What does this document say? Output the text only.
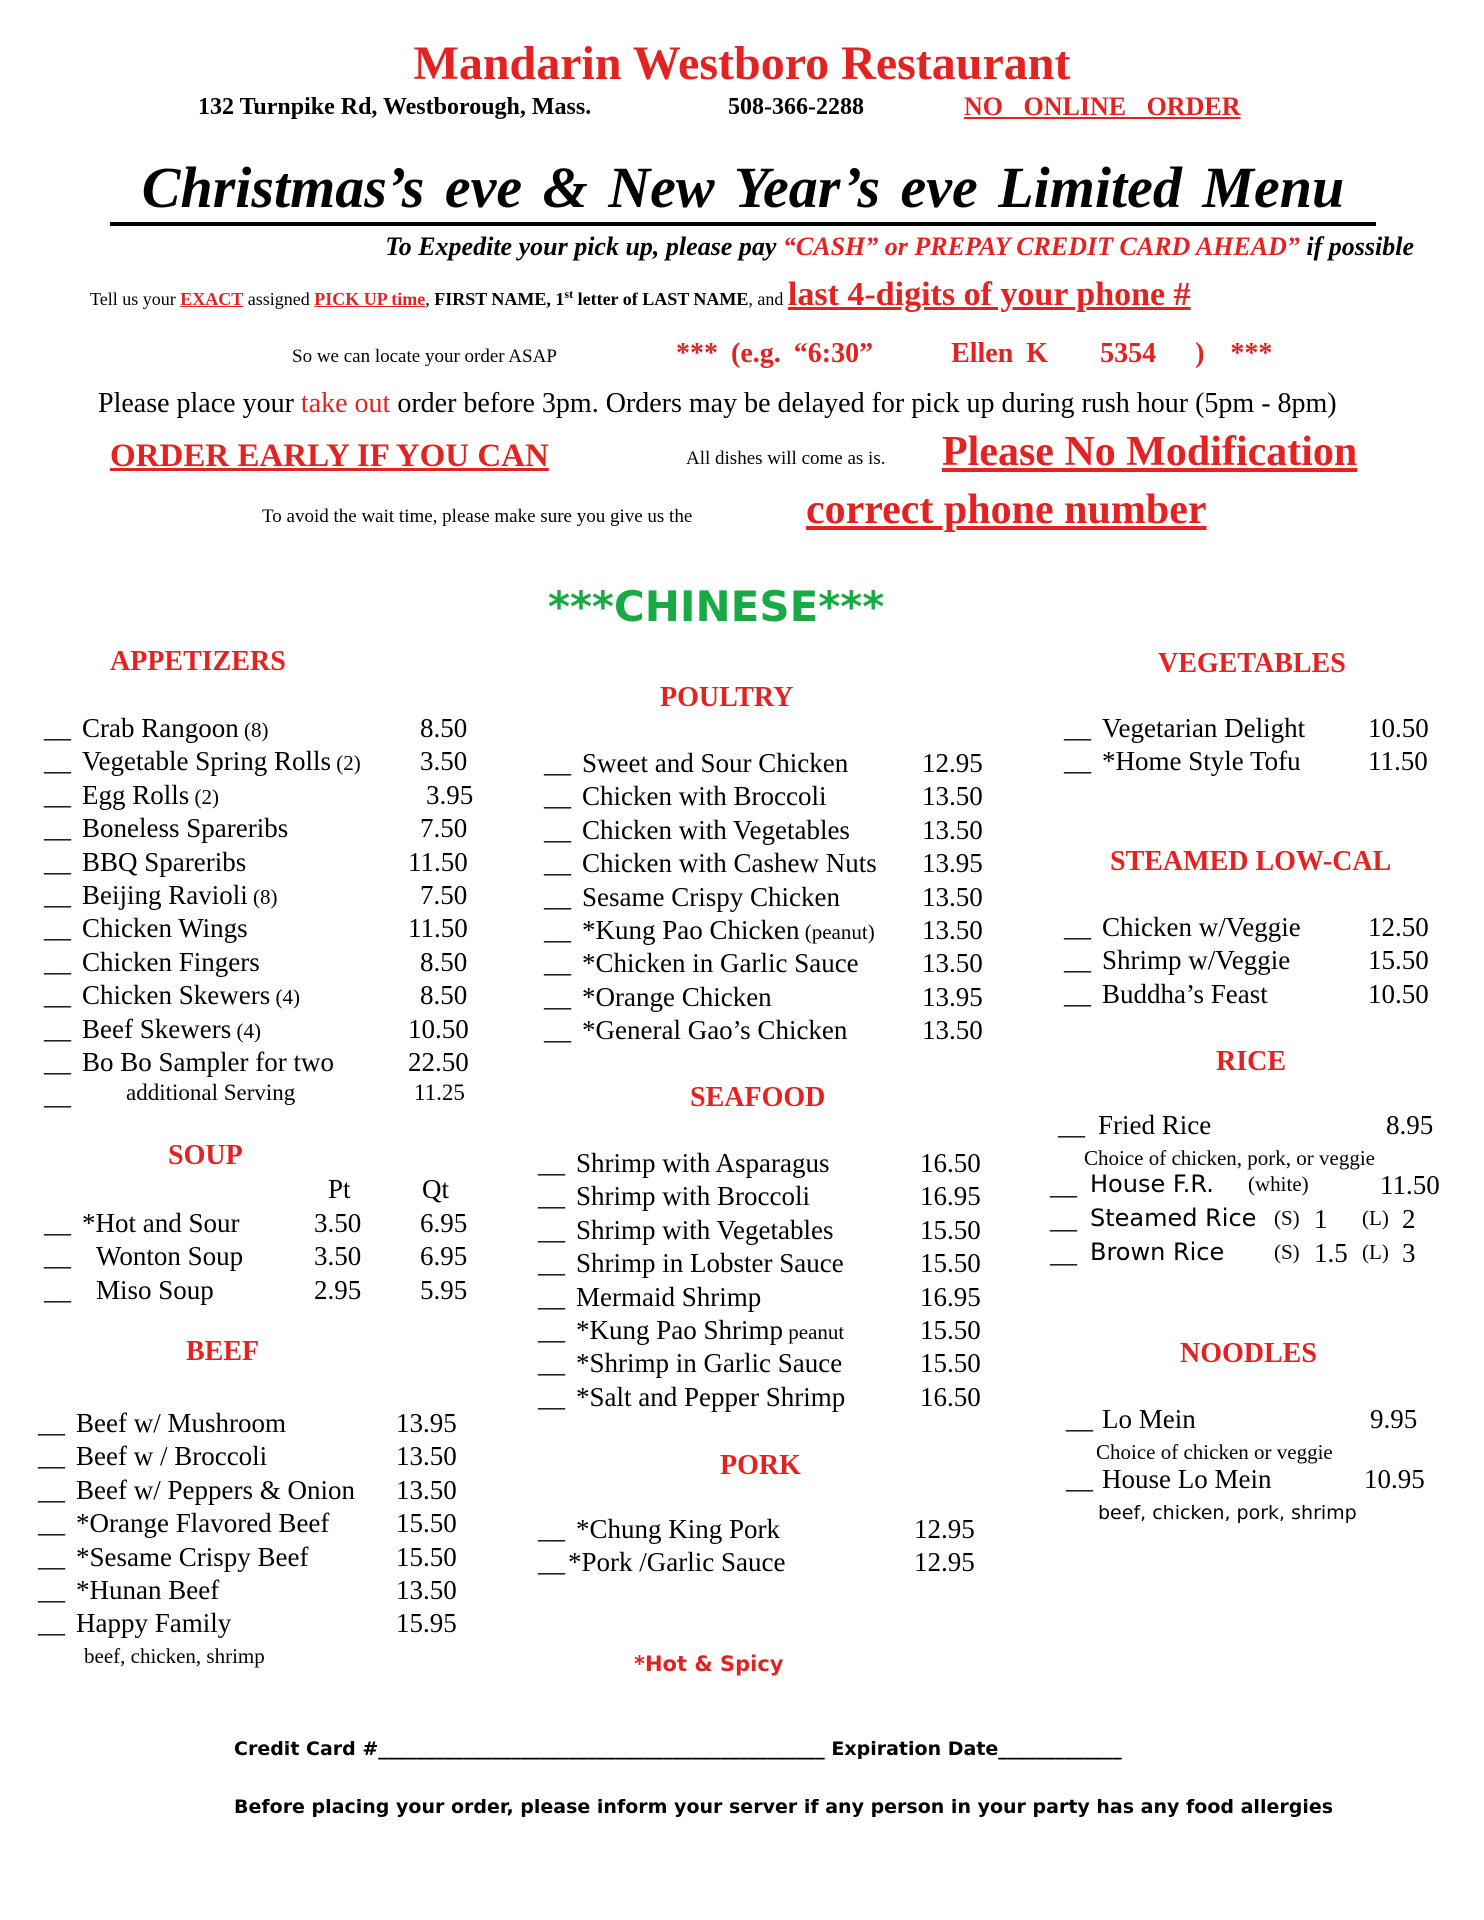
Mandarin Westboro Restaurant
132 Turnpike Rd, Westborough, Mass.	508-366-2288	NO ONLINE ORDER
Christmas’s eve & New Year’s eve Limited Menu
To Expedite your pick up, please pay “CASH” or PREPAY CREDIT CARD AHEAD” if possible
Tell us your EXACT assigned PICK UP time, FIRST NAME, 1st letter of LAST NAME, and last 4-digits of your phone #
So we can locate your order ASAP	*** (e.g. “6:30”      Ellen K    5354   )  ***
Please place your take out order before 3pm. Orders may be delayed for pick up during rush hour (5pm - 8pm)
ORDER EARLY IF YOU CAN	All dishes will come as is. Please No Modification
To avoid the wait time, please make sure you give us the	correct phone number
***CHINESE***
APPETIZERS
SOUP
Pt	Qt
BEEF
POULTRY
SEAFOOD
PORK
VEGETABLES
STEAMED LOW-CAL
RICE
NOODLES
__ Crab Rangoon (8)	8.50
__ Vegetable Spring Rolls (2) 3.50
__ Egg Rolls (2)	3.95
__ Boneless Spareribs	7.50
__ BBQ Spareribs	11.50
__ Beijing Ravioli (8)	7.50
__ Chicken Wings	11.50
__ Chicken Fingers	8.50
__ Chicken Skewers (4)	8.50
__ Beef Skewers (4)	10.50
__ Bo Bo Sampler for two	22.50
__ additional Serving	11.25
__ *Hot and Sour	3.50 6.95
__ Wonton Soup	3.50 6.95
__ Miso Soup	2.95 5.95
__ Beef w/ Mushroom	13.95
__ Beef w / Broccoli	13.50
__ Beef w/ Peppers & Onion 13.50
__ *Orange Flavored Beef 15.50
__ *Sesame Crispy Beef	15.50
__ *Hunan Beef	13.50
__ Happy Family	15.95
beef, chicken, shrimp
__ Sweet and Sour Chicken	12.95
__ Chicken with Broccoli	13.50
__ Chicken with Vegetables	13.50
__ Chicken with Cashew Nuts 13.95
__ Sesame Crispy Chicken	13.50
__ *Kung Pao Chicken (peanut) 13.50
__ *Chicken in Garlic Sauce 13.50
__ *Orange Chicken	13.95
__ *General Gao’s Chicken	13.50
__ Shrimp with Asparagus	16.50
__ Shrimp with Broccoli	16.95
__ Shrimp with Vegetables	15.50
__ Shrimp in Lobster Sauce	15.50
__ Mermaid Shrimp	16.95
__ *Kung Pao Shrimp peanut	15.50
__ *Shrimp in Garlic Sauce	15.50
__ *Salt and Pepper Shrimp	16.50
__ *Chung King Pork	12.95
__ *Pork /Garlic Sauce	12.95
*Hot & Spicy
__ Vegetarian Delight 10.50
__ *Home Style Tofu 11.50
__ Chicken w/Veggie 12.50
__ Shrimp w/Veggie	15.50
__ Buddha’s Feast	10.50
__ Fried Rice	8.95
Choice of chicken, pork, or veggie
__ House F.R. (white)	11.50
__ Steamed Rice (S) 1 (L) 2
__ Brown Rice (S) 1.5 (L) 3
__ Lo Mein	9.95
Choice of chicken or veggie
__ House Lo Mein	10.95
beef, chicken, pork, shrimp
Credit Card #_______________________________________________ Expiration Date_____________
Before placing your order, please inform your server if any person in your party has any food allergies
